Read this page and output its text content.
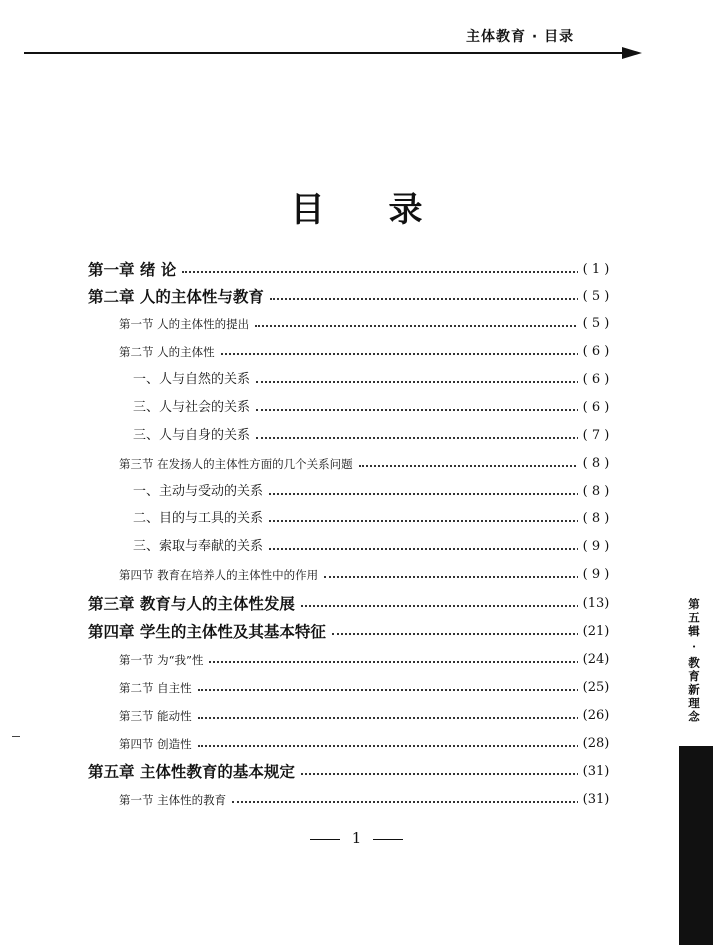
主体教育 · 目录
目录
第一章 绪 论	( 1 )
第二章 人的主体性与教育	( 5 )
第一节 人的主体性的提出	( 5 )
第二节 人的主体性	( 6 )
一、人与自然的关系	( 6 )
三、人与社会的关系	( 6 )
三、人与自身的关系	( 7 )
第三节 在发扬人的主体性方面的几个关系问题	( 8 )
一、主动与受动的关系	( 8 )
二、目的与工具的关系	( 8 )
三、索取与奉献的关系	( 9 )
第四节 教育在培养人的主体性中的作用	( 9 )
第三章 教育与人的主体性发展	(13)
第四章 学生的主体性及其基本特征	(21)
第一节 为“我”性	(24)
第二节 自主性	(25)
第三节 能动性	(26)
第四节 创造性	(28)
第五章 主体性教育的基本规定	(31)
第一节 主体性的教育	(31)
1
第五辑 · 教育新理念
